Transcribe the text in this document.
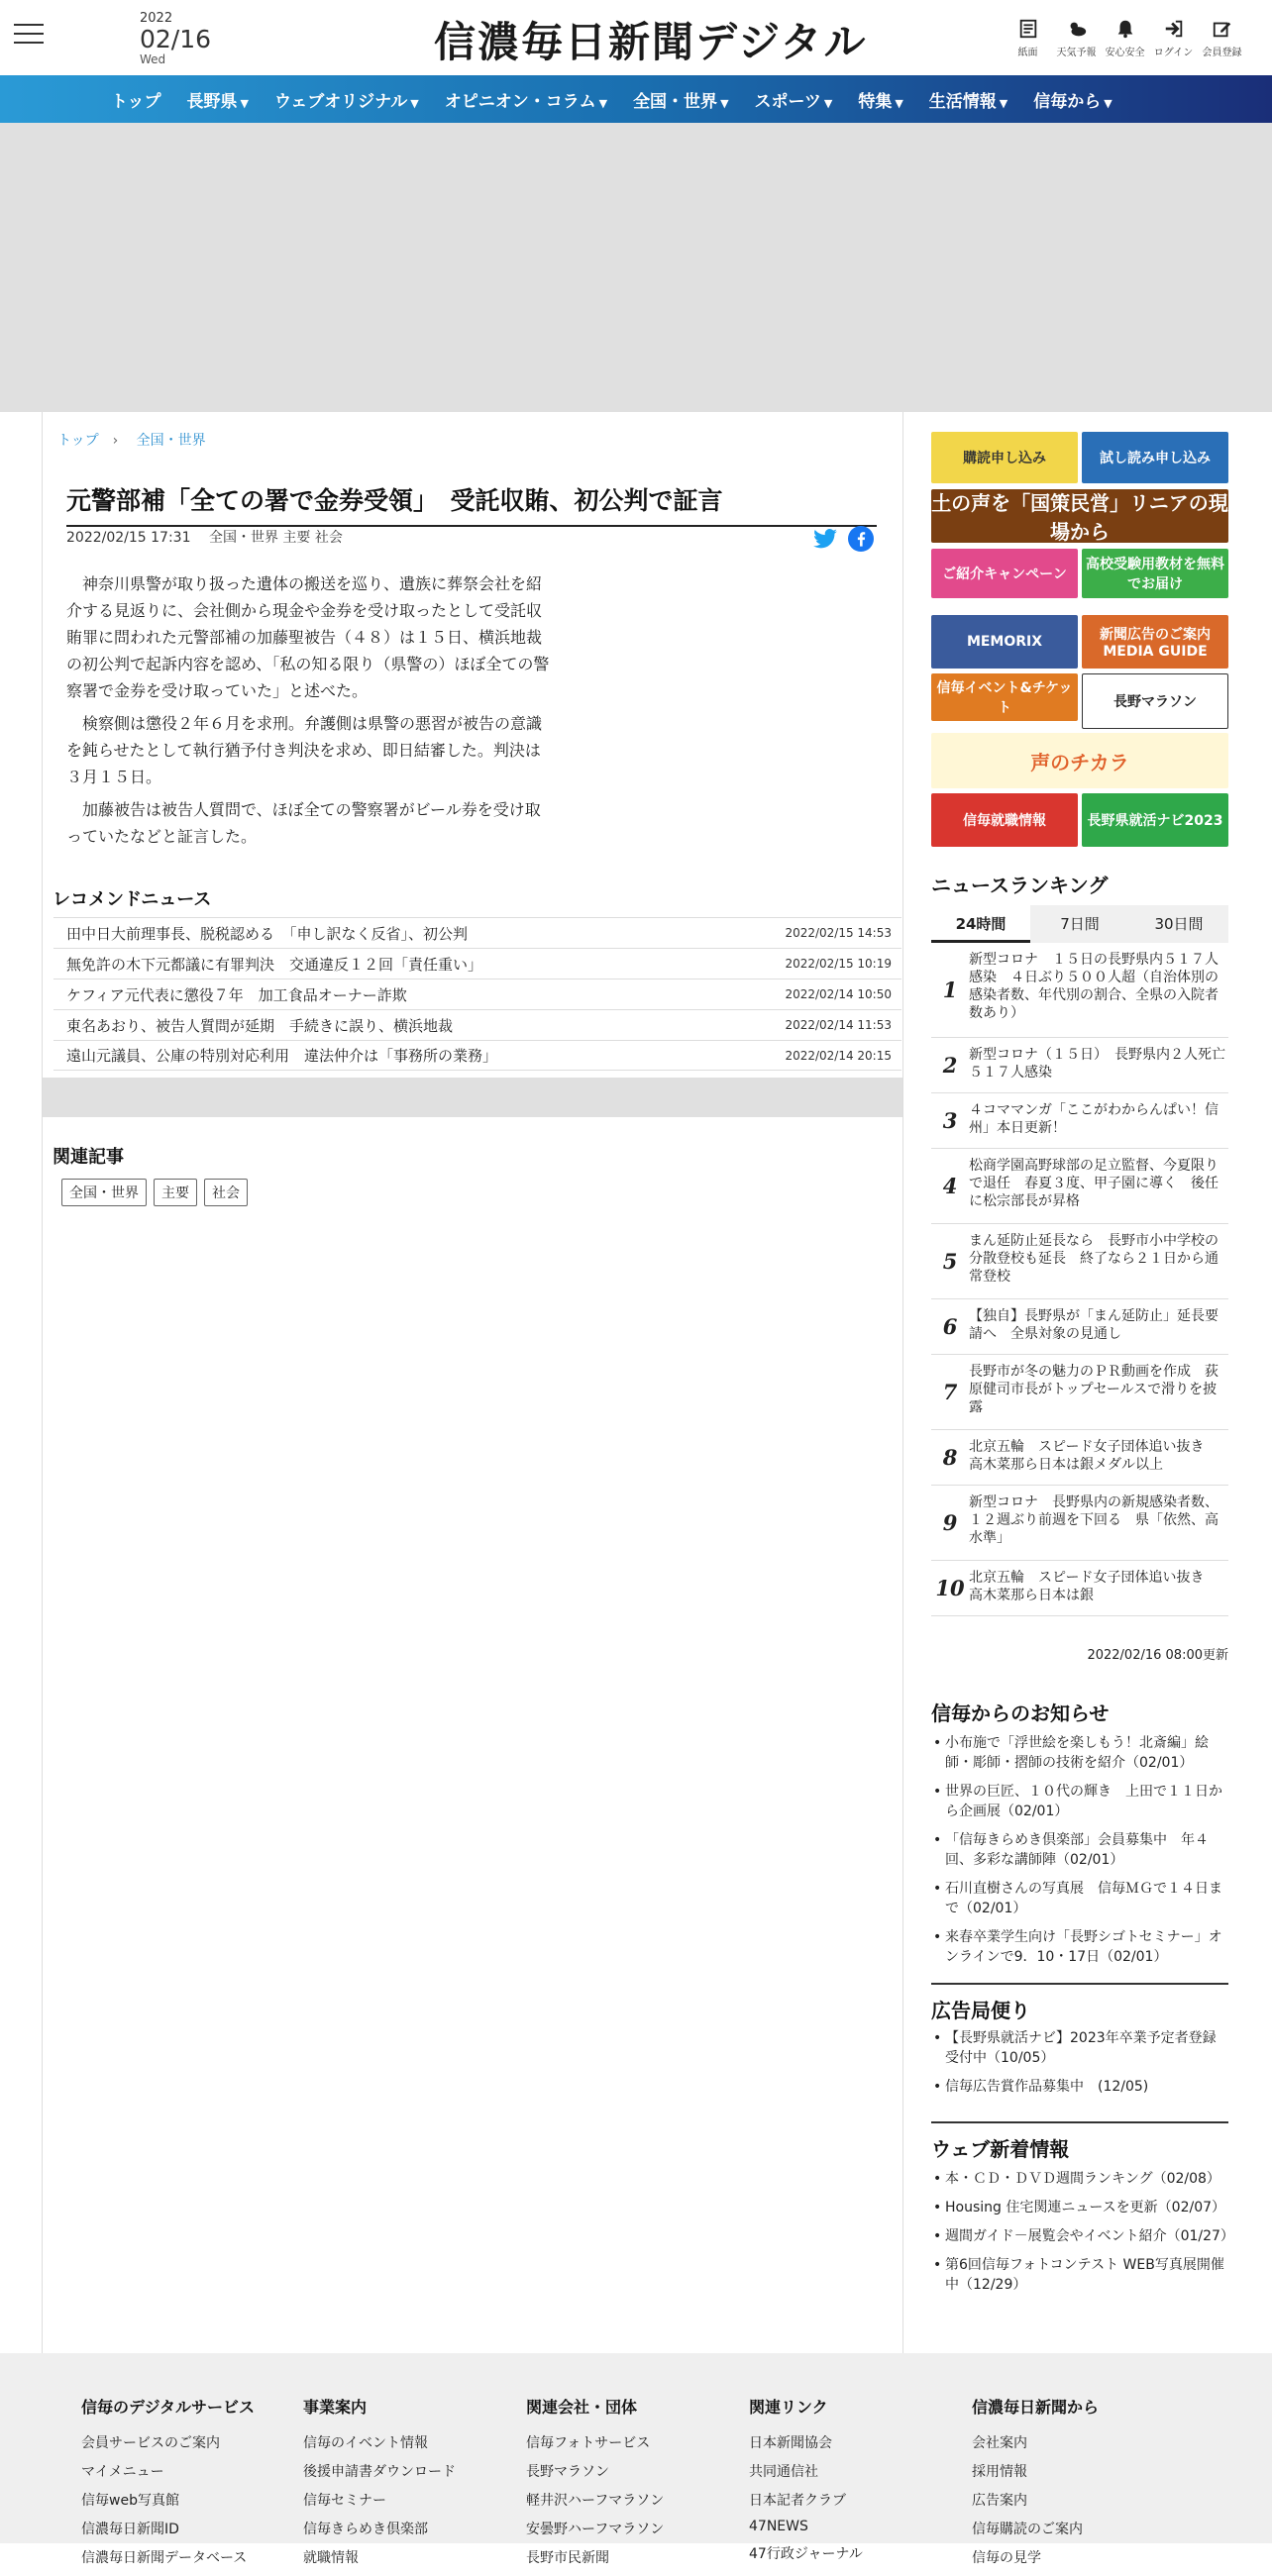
2022
02/16
Wed	信濃毎日新聞デジタル	紙面	天気予報 安心安全 ログイン 会員登録
トップ 長野県 ▼ ウェブオリジナル ▼ オピニオン・コラム ▼ 全国・世界 ▼ スポーツ ▼ 特集 ▼ 生活情報 ▼ 信毎から ▼
トップ › 全国・世界
元警部補「全ての署で金券受領」　受託収賄、初公判で証言
2022/02/15 17:31 全国・世界 主要 社会

神奈川県警が取り扱った遺体の搬送を巡り、遺族に葬祭会社を紹介する見返りに、会社側から現金や金券を受け取ったとして受託収賄罪に問われた元警部補の加藤聖被告（４８）は１５日、横浜地裁の初公判で起訴内容を認め、「私の知る限り（県警の）ほぼ全ての警察署で金券を受け取っていた」と述べた。

検察側は懲役２年６月を求刑。弁護側は県警の悪習が被告の意識を鈍らせたとして執行猶予付き判決を求め、即日結審した。判決は３月１５日。

加藤被告は被告人質問で、ほぼ全ての警察署がビール券を受け取っていたなどと証言した。

レコメンドニュース
田中日大前理事長、脱税認める　「申し訳なく反省」、初公判	2022/02/15 14:53
無免許の木下元都議に有罪判決　交通違反１２回「責任重い」	2022/02/15 10:19
ケフィア元代表に懲役７年　加工食品オーナー詐欺	2022/02/14 10:50
東名あおり、被告人質問が延期　手続きに誤り、横浜地裁	2022/02/14 11:53
遠山元議員、公庫の特別対応利用　違法仲介は「事務所の業務」	2022/02/14 20:15
関連記事
全国・世界	主要	社会
購読申し込み	試し読み申し込み
土の声を「国策民営」リニアの現場から
ご紹介キャンペーン
高校受験用教材を無料でお届け
MEMORIX	新聞広告のご案内 MEDIA GUIDE
信毎イベント&チケット	長野マラソン
声のチカラ
信毎就職情報	長野県就活ナビ2023
ニュースランキング
24時間	7日間	30日間
1
新型コロナ　１５日の長野県内５１７人感染　４日ぶり５００人超（自治体別の感染者数、年代別の割合、全県の入院者数あり）
2 新型コロナ（１５日）　長野県内２人死亡　５１７人感染
3 ４コママンガ「ここがわからんぱい！信州」本日更新！
4
松商学園高野球部の足立監督、今夏限りで退任　春夏３度、甲子園に導く　後任に松宗部長が昇格
5
まん延防止延長なら　長野市小中学校の分散登校も延長　終了なら２１日から通常登校
6 【独自】長野県が「まん延防止」延長要請へ　全県対象の見通し
7
長野市が冬の魅力のＰＲ動画を作成　荻原健司市長がトップセールスで滑りを披露
8 北京五輪　スピード女子団体追い抜き　高木菜那ら日本は銀メダル以上
9
新型コロナ　長野県内の新規感染者数、１２週ぶり前週を下回る　県「依然、高水準」
10 北京五輪　スピード女子団体追い抜き　高木菜那ら日本は銀
2022/02/16 08:00更新
信毎からのお知らせ
• 小布施で「浮世絵を楽しもう！北斎編」絵師・彫師・摺師の技術を紹介（02/01）
• 世界の巨匠、１０代の輝き　上田で１１日から企画展（02/01）
• 「信毎きらめき倶楽部」会員募集中　年４回、多彩な講師陣（02/01）
• 石川直樹さんの写真展　信毎ＭＧで１４日まで（02/01）
• 来春卒業学生向け「長野シゴトセミナー」オンラインで9．10・17日（02/01）
広告局便り
• 【長野県就活ナビ】2023年卒業予定者登録受付中（10/05）
• 信毎広告賞作品募集中　(12/05)
ウェブ新着情報
• 本・ＣＤ・ＤＶＤ週間ランキング（02/08）
• Housing 住宅関連ニュースを更新（02/07）
• 週間ガイド－展覧会やイベント紹介（01/27）
• 第6回信毎フォトコンテスト WEB写真展開催中（12/29）
信毎のデジタルサービス
会員サービスのご案内
マイメニュー
信毎web写真館
信濃毎日新聞ID
信濃毎日新聞データベース
事業案内
信毎のイベント情報
後援申請書ダウンロード
信毎セミナー
信毎きらめき倶楽部
就職情報
関連会社・団体
信毎フォトサービス
長野マラソン
軽井沢ハーフマラソン
安曇野ハーフマラソン
長野市民新聞
関連リンク
日本新聞協会
共同通信社
日本記者クラブ
47NEWS
47行政ジャーナル
信濃毎日新聞から
会社案内
採用情報
広告案内
信毎購読のご案内
信毎の見学
